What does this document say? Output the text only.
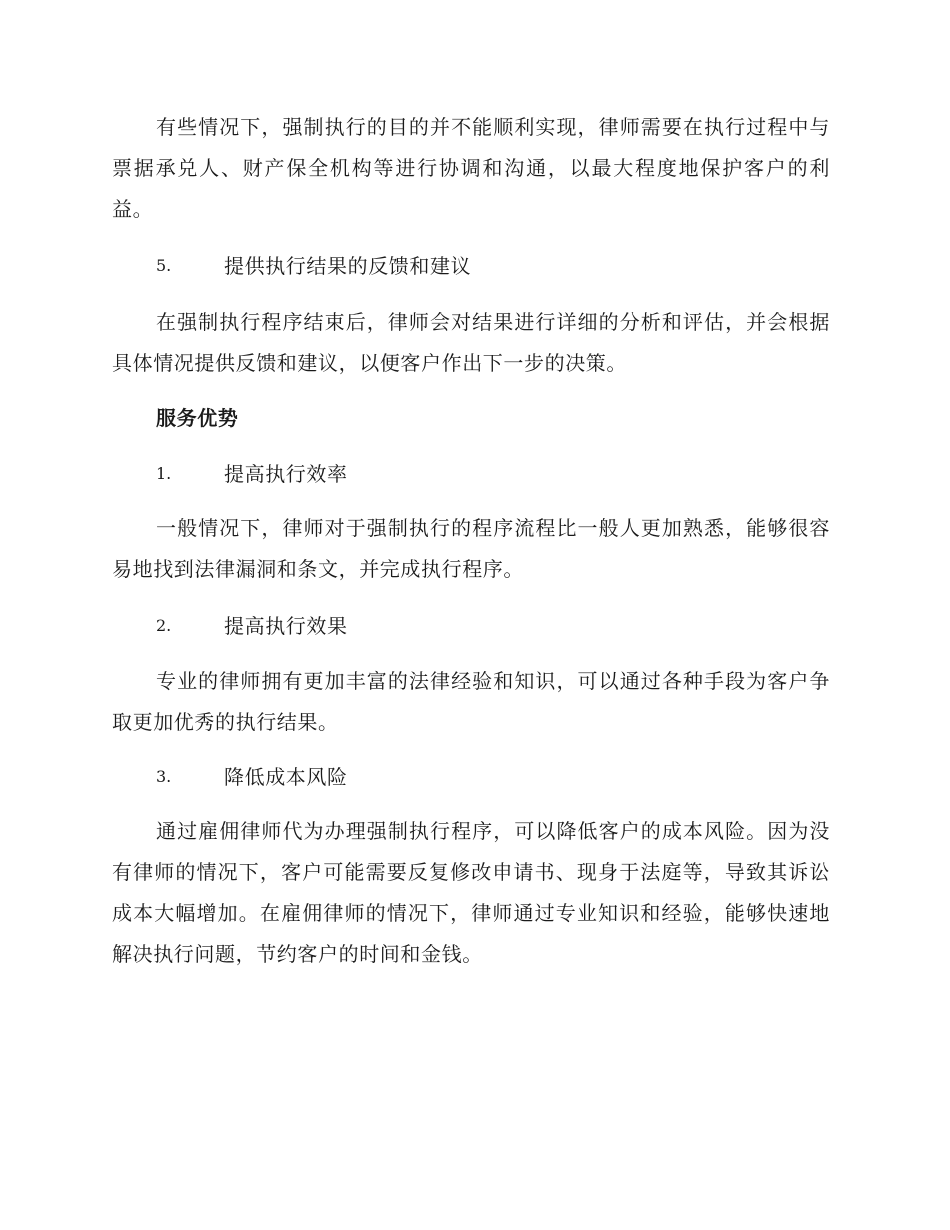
有些情况下，强制执行的目的并不能顺利实现，律师需要在执行过程中与票据承兑人、财产保全机构等进行协调和沟通，以最大程度地保护客户的利益。

5.	提供执行结果的反馈和建议

在强制执行程序结束后，律师会对结果进行详细的分析和评估，并会根据具体情况提供反馈和建议，以便客户作出下一步的决策。

服务优势
1.	提高执行效率

一般情况下，律师对于强制执行的程序流程比一般人更加熟悉，能够很容易地找到法律漏洞和条文，并完成执行程序。

2.	提高执行效果

专业的律师拥有更加丰富的法律经验和知识，可以通过各种手段为客户争取更加优秀的执行结果。

3.	降低成本风险

通过雇佣律师代为办理强制执行程序，可以降低客户的成本风险。因为没有律师的情况下，客户可能需要反复修改申请书、现身于法庭等，导致其诉讼成本大幅增加。在雇佣律师的情况下，律师通过专业知识和经验，能够快速地解决执行问题，节约客户的时间和金钱。
